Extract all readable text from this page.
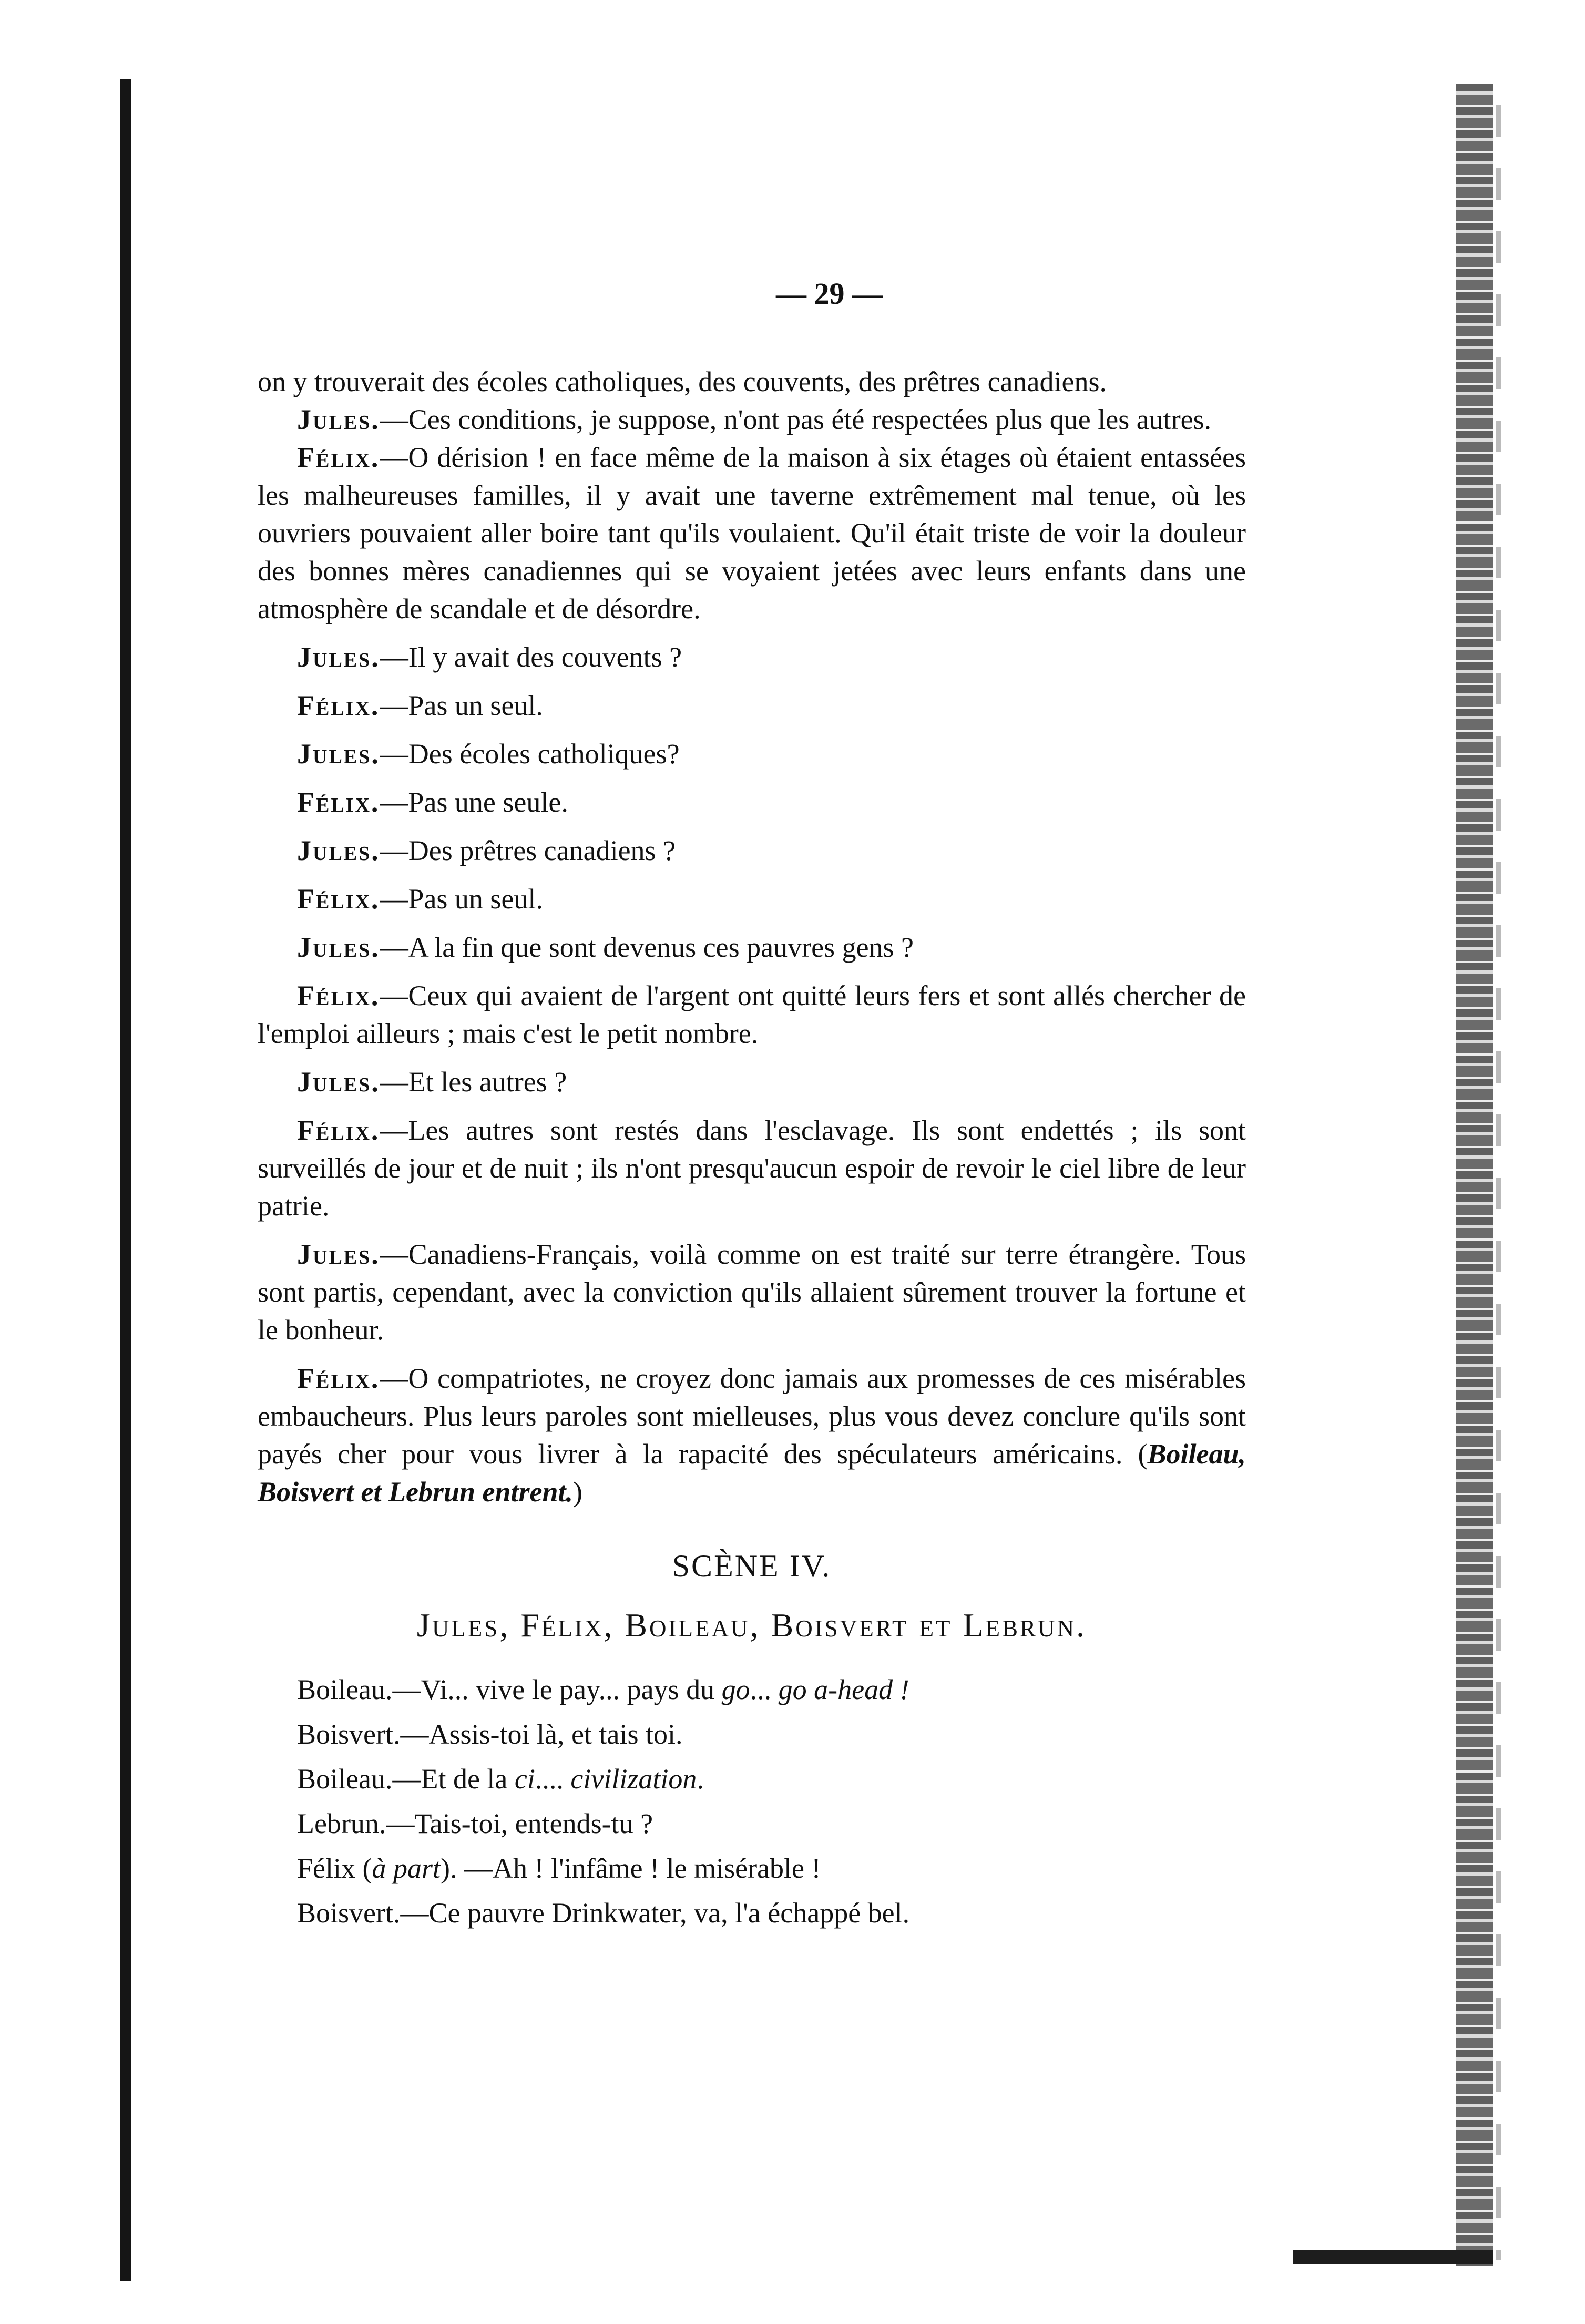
— 29 —

on y trouverait des écoles catholiques, des couvents, des prêtres canadiens.

Jules.—Ces conditions, je suppose, n'ont pas été respectées plus que les autres.

Félix.—O dérision ! en face même de la maison à six étages où étaient entassées les malheureuses familles, il y avait une taverne extrêmement mal tenue, où les ouvriers pouvaient aller boire tant qu'ils voulaient. Qu'il était triste de voir la douleur des bonnes mères canadiennes qui se voyaient jetées avec leurs enfants dans une atmosphère de scandale et de désordre.

Jules.—Il y avait des couvents ?

Félix.—Pas un seul.

Jules.—Des écoles catholiques?

Félix.—Pas une seule.

Jules.—Des prêtres canadiens ?

Félix.—Pas un seul.

Jules.—A la fin que sont devenus ces pauvres gens ?

Félix.—Ceux qui avaient de l'argent ont quitté leurs fers et sont allés chercher de l'emploi ailleurs ; mais c'est le petit nombre.

Jules.—Et les autres ?

Félix.—Les autres sont restés dans l'esclavage. Ils sont endettés ; ils sont surveillés de jour et de nuit ; ils n'ont presqu'aucun espoir de revoir le ciel libre de leur patrie.

Jules.—Canadiens-Français, voilà comme on est traité sur terre étrangère. Tous sont partis, cependant, avec la conviction qu'ils allaient sûrement trouver la fortune et le bonheur.

Félix.—O compatriotes, ne croyez donc jamais aux promesses de ces misérables embaucheurs. Plus leurs paroles sont mielleuses, plus vous devez conclure qu'ils sont payés cher pour vous livrer à la rapacité des spéculateurs américains. (Boileau, Boisvert et Lebrun entrent.)

SCÈNE IV.
Jules, Félix, Boileau, Boisvert et Lebrun.

Boileau.—Vi... vive le pay... pays du go... go a-head !

Boisvert.—Assis-toi là, et tais toi.

Boileau.—Et de la ci.... civilization.

Lebrun.—Tais-toi, entends-tu ?

Félix (à part). —Ah ! l'infâme ! le misérable !

Boisvert.—Ce pauvre Drinkwater, va, l'a échappé bel.
